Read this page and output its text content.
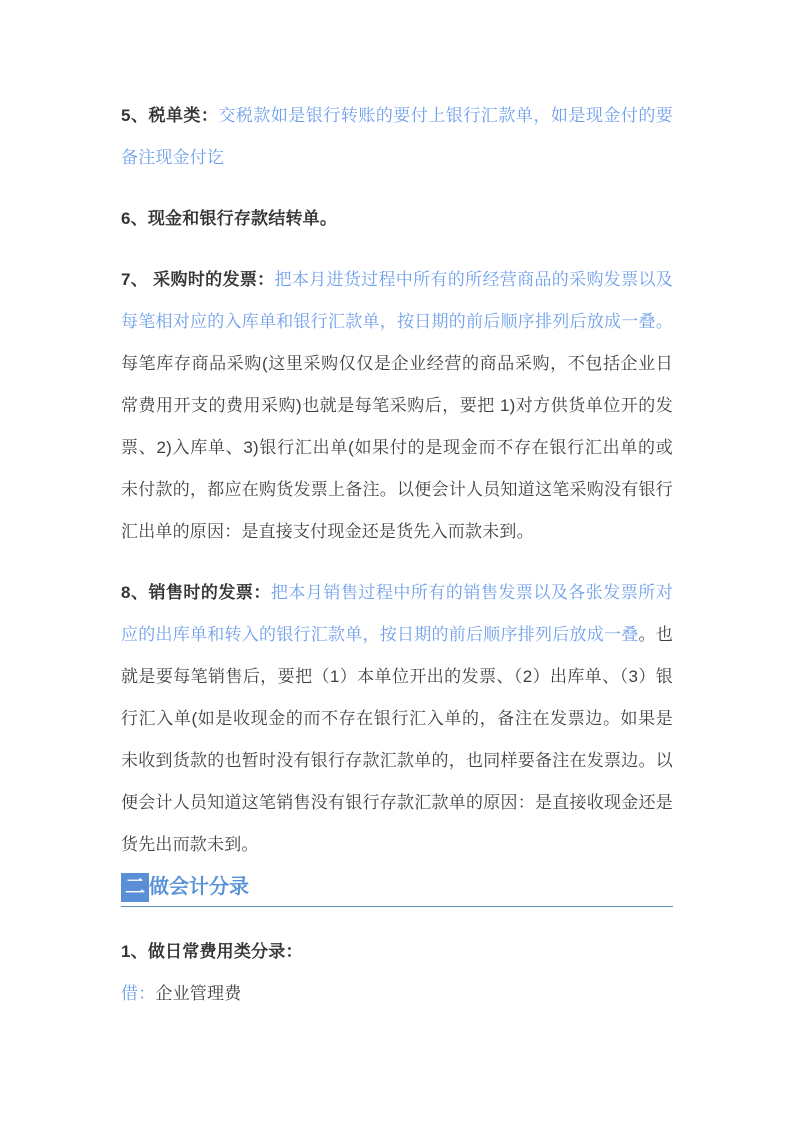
5、税单类：交税款如是银行转账的要付上银行汇款单，如是现金付的要备注现金付讫

6、现金和银行存款结转单。

7、 采购时的发票：把本月进货过程中所有的所经营商品的采购发票以及每笔相对应的入库单和银行汇款单，按日期的前后顺序排列后放成一叠。每笔库存商品采购(这里采购仅仅是企业经营的商品采购，不包括企业日常费用开支的费用采购)也就是每笔采购后，要把 1)对方供货单位开的发票、2)入库单、3)银行汇出单(如果付的是现金而不存在银行汇出单的或未付款的，都应在购货发票上备注。以便会计人员知道这笔采购没有银行汇出单的原因：是直接支付现金还是货先入而款未到。

8、销售时的发票：把本月销售过程中所有的销售发票以及各张发票所对应的出库单和转入的银行汇款单，按日期的前后顺序排列后放成一叠。也就是要每笔销售后，要把（1）本单位开出的发票、（2）出库单、（3）银行汇入单(如是收现金的而不存在银行汇入单的，备注在发票边。如果是未收到货款的也暂时没有银行存款汇款单的，也同样要备注在发票边。以便会计人员知道这笔销售没有银行存款汇款单的原因：是直接收现金还是货先出而款未到。

二 做会计分录

1、做日常费用类分录：

借：企业管理费
